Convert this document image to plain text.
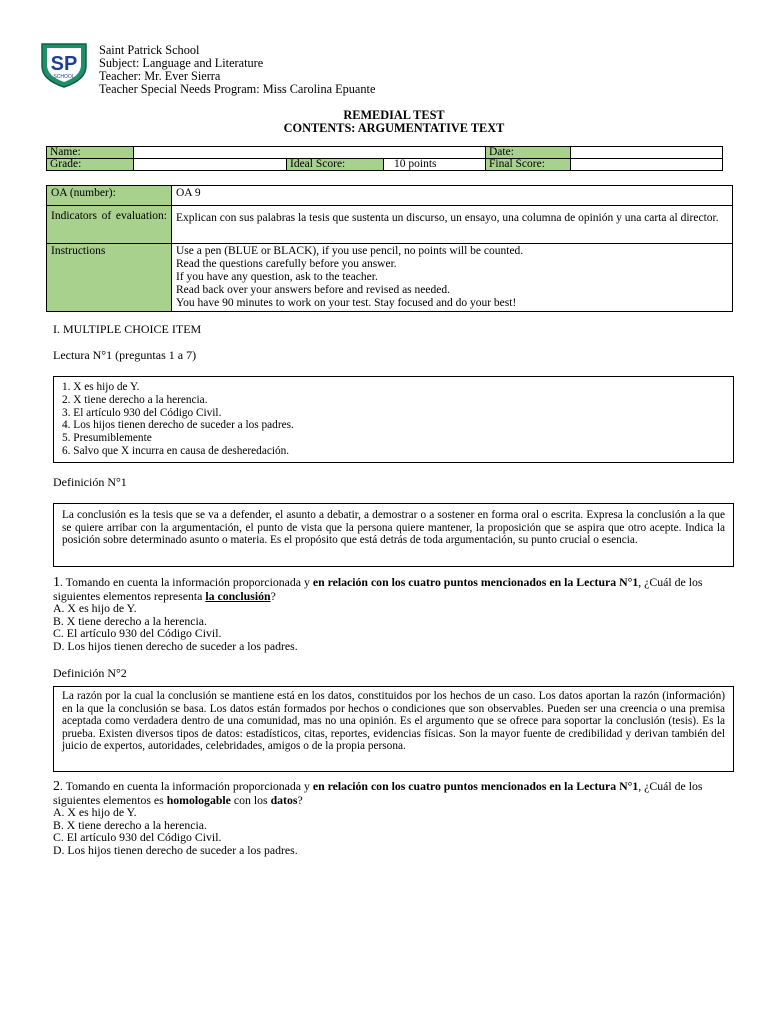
SP
SCHOOL
Saint Patrick School
Subject: Language and Literature
Teacher: Mr. Ever Sierra
Teacher Special Needs Program: Miss Carolina Epuante
REMEDIAL TEST
CONTENTS: ARGUMENTATIVE TEXT
Name:				Date:	
Grade:		Ideal Score:	10 points	Final Score:	
OA (number):	OA 9

Indicators of evaluation:	Explican con sus palabras la tesis que sustenta un discurso, un ensayo, una columna de opinión y una carta al director.
Instructions	Use a pen (BLUE or BLACK), if you use pencil, no points will be counted.
Read the questions carefully before you answer.
If you have any question, ask to the teacher.
Read back over your answers before and revised as needed.
You have 90 minutes to work on your test. Stay focused and do your best!
I. MULTIPLE CHOICE ITEM
Lectura N°1 (preguntas 1 a 7)
1. X es hijo de Y.
2. X tiene derecho a la herencia.
3. El artículo 930 del Código Civil.
4. Los hijos tienen derecho de suceder a los padres.
5. Presumiblemente
6. Salvo que X incurra en causa de desheredación.
Definición N°1
La conclusión es la tesis que se va a defender, el asunto a debatir, a demostrar o a sostener en forma oral o escrita. Expresa la conclusión a la que se quiere arribar con la argumentación, el punto de vista que la persona quiere mantener, la proposición que se aspira que otro acepte. Indica la posición sobre determinado asunto o materia. Es el propósito que está detrás de toda argumentación, su punto crucial o esencia.
1. Tomando en cuenta la información proporcionada y en relación con los cuatro puntos mencionados en la Lectura N°1, ¿Cuál de los siguientes elementos representa la conclusión?
A. X es hijo de Y.
B. X tiene derecho a la herencia.
C. El artículo 930 del Código Civil.
D. Los hijos tienen derecho de suceder a los padres.
Definición N°2
La razón por la cual la conclusión se mantiene está en los datos, constituidos por los hechos de un caso. Los datos aportan la razón (información) en la que la conclusión se basa. Los datos están formados por hechos o condiciones que son observables. Pueden ser una creencia o una premisa aceptada como verdadera dentro de una comunidad, mas no una opinión. Es el argumento que se ofrece para soportar la conclusión (tesis). Es la prueba. Existen diversos tipos de datos: estadísticos, citas, reportes, evidencias físicas. Son la mayor fuente de credibilidad y derivan también del juicio de expertos, autoridades, celebridades, amigos o de la propia persona.
2. Tomando en cuenta la información proporcionada y en relación con los cuatro puntos mencionados en la Lectura N°1, ¿Cuál de los siguientes elementos es homologable con los datos?
A. X es hijo de Y.
B. X tiene derecho a la herencia.
C. El artículo 930 del Código Civil.
D. Los hijos tienen derecho de suceder a los padres.
